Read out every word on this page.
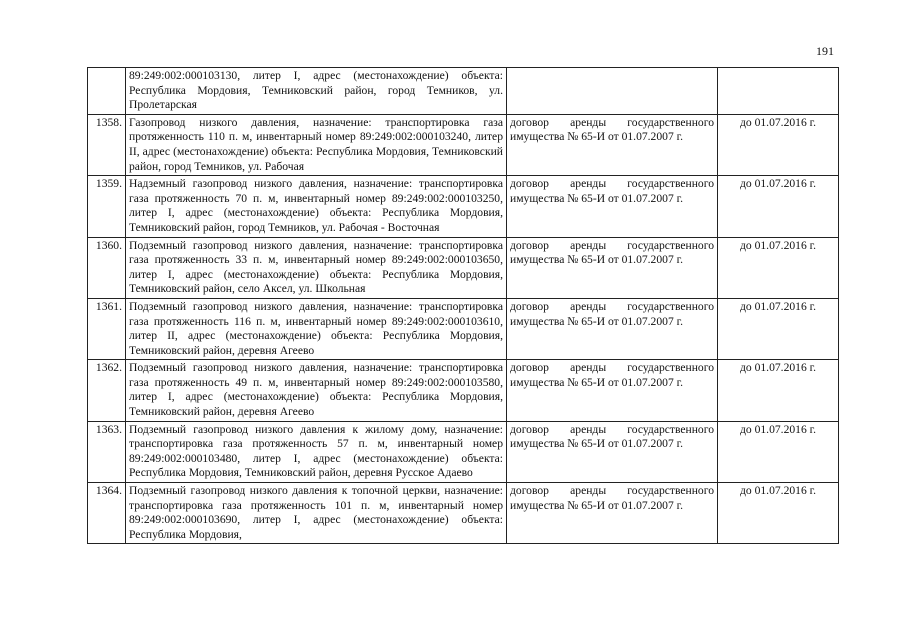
191
	89:249:002:000103130, литер I, адрес (местонахождение) объекта: Республика Мордовия, Темниковский район, город Темников, ул. Пролетарская		
1358.	Газопровод низкого давления, назначение: транспортировка газа протяженность 110 п. м, инвентарный номер 89:249:002:000103240, литер II, адрес (местонахождение) объекта: Республика Мордовия, Темниковский район, город Темников, ул. Рабочая	договор аренды государственного имущества № 65-И от 01.07.2007 г.	до 01.07.2016 г.
1359.	Надземный газопровод низкого давления, назначение: транспортировка газа протяженность 70 п. м, инвентарный номер 89:249:002:000103250, литер I, адрес (местонахождение) объекта: Республика Мордовия, Темниковский район, город Темников, ул. Рабочая - Восточная	договор аренды государственного имущества № 65-И от 01.07.2007 г.	до 01.07.2016 г.
1360.	Подземный газопровод низкого давления, назначение: транспортировка газа протяженность 33 п. м, инвентарный номер 89:249:002:000103650, литер I, адрес (местонахождение) объекта: Республика Мордовия, Темниковский район, село Аксел, ул. Школьная	договор аренды государственного имущества № 65-И от 01.07.2007 г.	до 01.07.2016 г.
1361.	Подземный газопровод низкого давления, назначение: транспортировка газа протяженность 116 п. м, инвентарный номер 89:249:002:000103610, литер II, адрес (местонахождение) объекта: Республика Мордовия, Темниковский район, деревня Агеево	договор аренды государственного имущества № 65-И от 01.07.2007 г.	до 01.07.2016 г.
1362.	Подземный газопровод низкого давления, назначение: транспортировка газа протяженность 49 п. м, инвентарный номер 89:249:002:000103580, литер I, адрес (местонахождение) объекта: Республика Мордовия, Темниковский район, деревня Агеево	договор аренды государственного имущества № 65-И от 01.07.2007 г.	до 01.07.2016 г.
1363.	Подземный газопровод низкого давления к жилому дому, назначение: транспортировка газа протяженность 57 п. м, инвентарный номер 89:249:002:000103480, литер I, адрес (местонахождение) объекта: Республика Мордовия, Темниковский район, деревня Русское Адаево	договор аренды государственного имущества № 65-И от 01.07.2007 г.	до 01.07.2016 г.
1364.	Подземный газопровод низкого давления к топочной церкви, назначение: транспортировка газа протяженность 101 п. м, инвентарный номер 89:249:002:000103690, литер I, адрес (местонахождение) объекта: Республика Мордовия,	договор аренды государственного имущества № 65-И от 01.07.2007 г.	до 01.07.2016 г.
